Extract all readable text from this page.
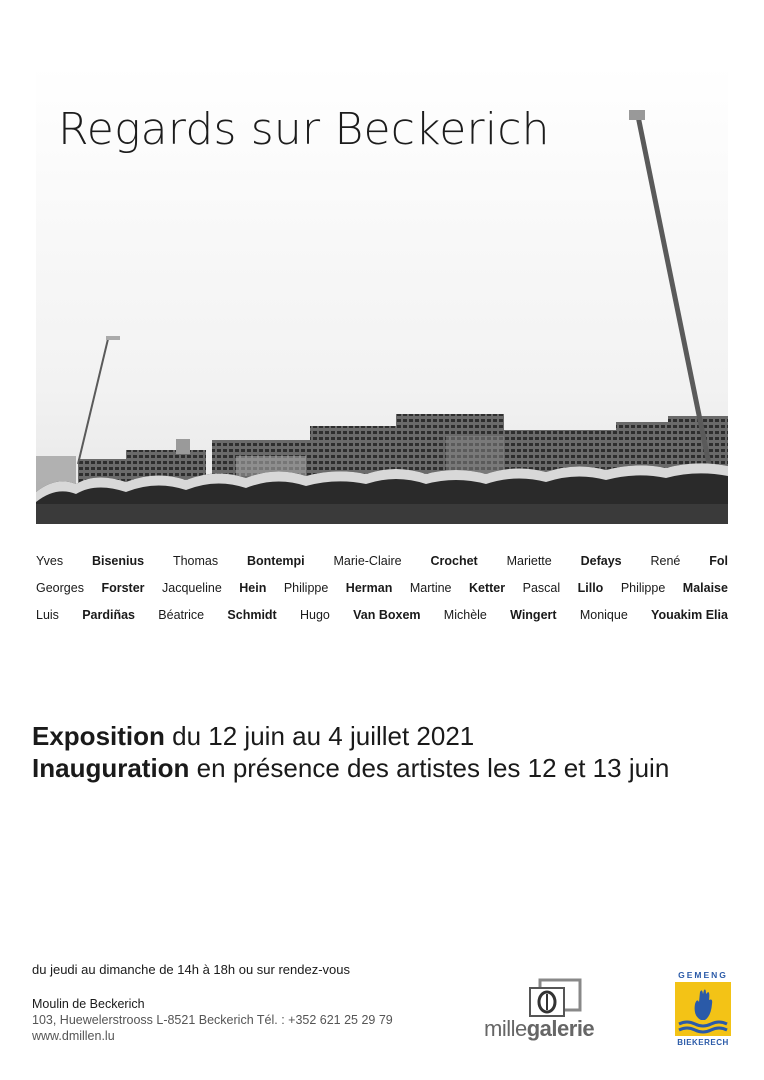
Regards sur Beckerich
Yves Bisenius Thomas Bontempi Marie-Claire Crochet Mariette Defays René Fol
Georges Forster Jacqueline Hein Philippe Herman Martine Ketter Pascal Lillo Philippe Malaise
Luis Pardiñas Béatrice Schmidt Hugo Van Boxem Michèle Wingert Monique Youakim Elia
Exposition du 12 juin au 4 juillet 2021
Inauguration en présence des artistes les 12 et 13 juin
du jeudi au dimanche de 14h à 18h ou sur rendez-vous
Moulin de Beckerich
103, Huewelerstrooss L-8521 Beckerich Tél. : +352 621 25 29 79
www.dmillen.lu	millegalerie
GEMENG
BIEKERECH
